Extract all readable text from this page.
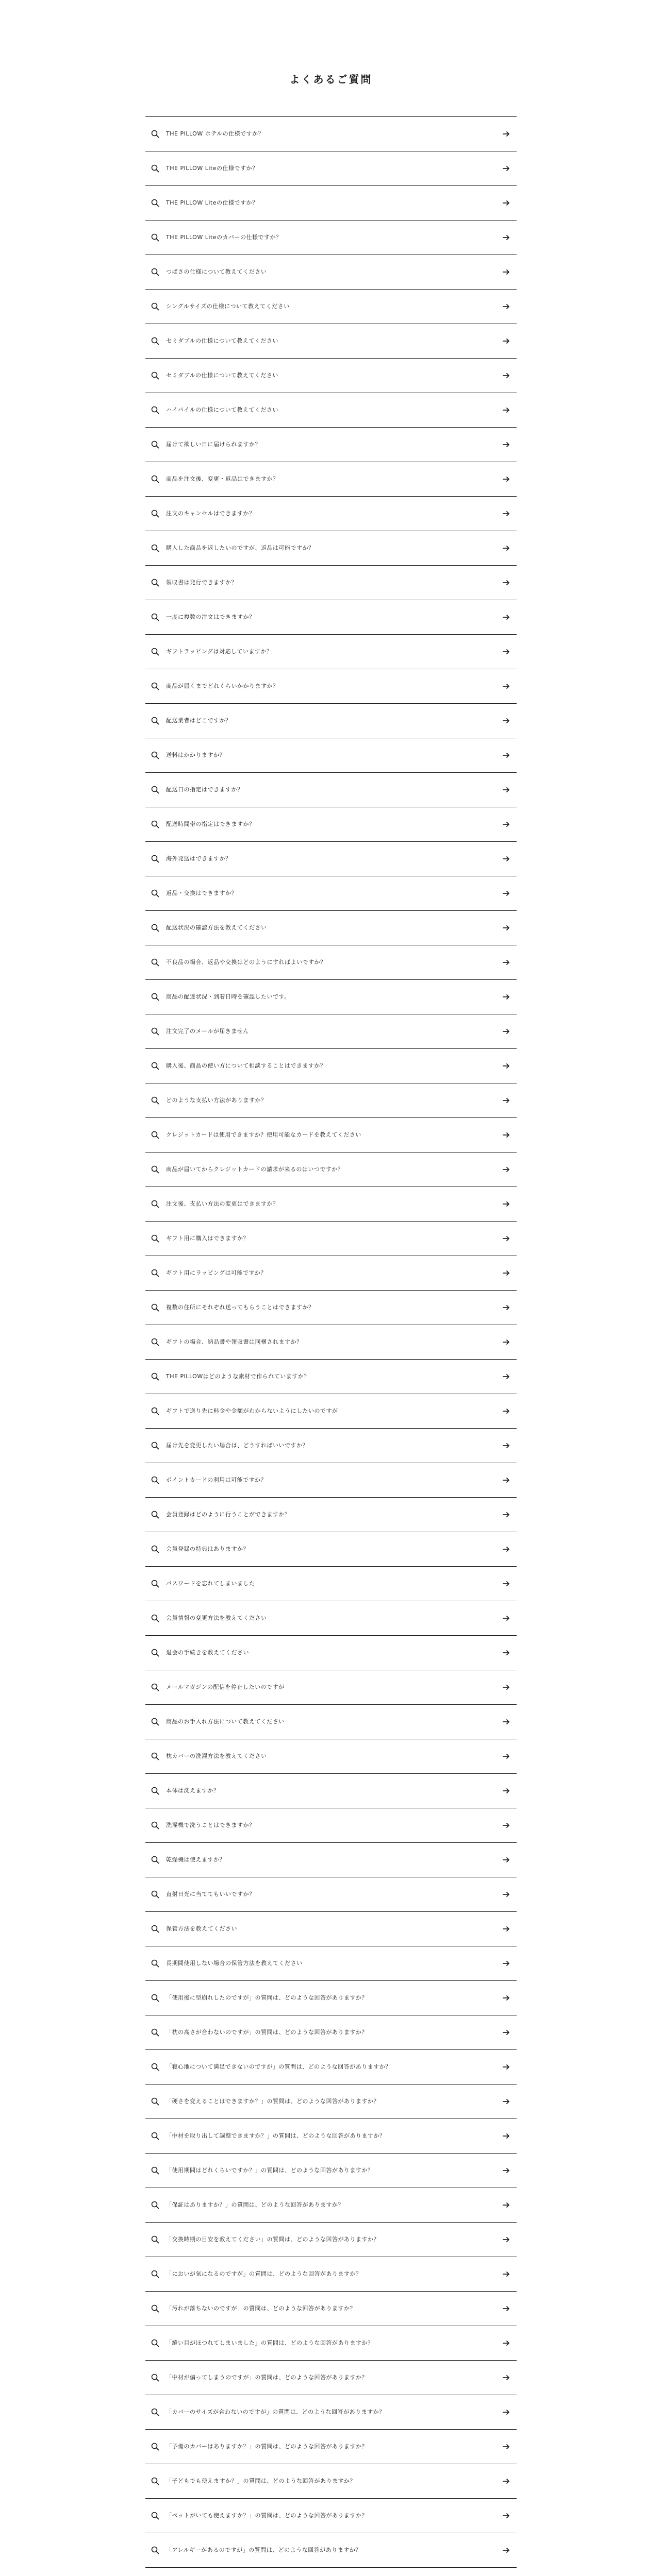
よくあるご質問
THE PILLOW ホテルの仕様ですか？
THE PILLOW Liteの仕様ですか？
THE PILLOW Liteの仕様ですか？
THE PILLOW Liteのカバーの仕様ですか？
つばさの仕様について教えてください
シングルサイズの仕様について教えてください
セミダブルの仕様について教えてください
セミダブルの仕様について教えてください
ハイパイルの仕様について教えてください
届けて欲しい日に届けられますか？
商品を注文後、変更・返品はできますか？
注文のキャンセルはできますか？
購入した商品を返したいのですが、返品は可能ですか？
領収書は発行できますか？
一度に複数の注文はできますか？
ギフトラッピングは対応していますか？
商品が届くまでどれくらいかかりますか？
配送業者はどこですか？
送料はかかりますか？
配送日の指定はできますか？
配送時間帯の指定はできますか？
海外発送はできますか？
返品・交換はできますか？
配送状況の確認方法を教えてください
不良品の場合、返品や交換はどのようにすればよいですか？
商品の配達状況・到着日時を確認したいです。
注文完了のメールが届きません
購入後、商品の使い方について相談することはできますか？
どのような支払い方法がありますか？
クレジットカードは使用できますか？使用可能なカードを教えてください
商品が届いてからクレジットカードの請求が来るのはいつですか？
注文後、支払い方法の変更はできますか？
ギフト用に購入はできますか？
ギフト用にラッピングは可能ですか？
複数の住所にそれぞれ送ってもらうことはできますか？
ギフトの場合、納品書や領収書は同梱されますか？
THE PILLOWはどのような素材で作られていますか？
ギフトで送り先に料金や金額がわからないようにしたいのですが
届け先を変更したい場合は、どうすればいいですか？
ポイントカードの利用は可能ですか？
会員登録はどのように行うことができますか？
会員登録の特典はありますか？
パスワードを忘れてしまいました
会員情報の変更方法を教えてください
退会の手続きを教えてください
メールマガジンの配信を停止したいのですが
商品のお手入れ方法について教えてください
枕カバーの洗濯方法を教えてください
本体は洗えますか？
洗濯機で洗うことはできますか？
乾燥機は使えますか？
直射日光に当ててもいいですか？
保管方法を教えてください
長期間使用しない場合の保管方法を教えてください
「使用後に型崩れしたのですが」の質問は、どのような回答がありますか？
「枕の高さが合わないのですが」の質問は、どのような回答がありますか？
「寝心地について満足できないのですが」の質問は、どのような回答がありますか？
「硬さを変えることはできますか？」の質問は、どのような回答がありますか？
「中材を取り出して調整できますか？」の質問は、どのような回答がありますか？
「使用期間はどれくらいですか？」の質問は、どのような回答がありますか？
「保証はありますか？」の質問は、どのような回答がありますか？
「交換時期の目安を教えてください」の質問は、どのような回答がありますか？
「においが気になるのですが」の質問は、どのような回答がありますか？
「汚れが落ちないのですが」の質問は、どのような回答がありますか？
「縫い目がほつれてしまいました」の質問は、どのような回答がありますか？
「中材が偏ってしまうのですが」の質問は、どのような回答がありますか？
「カバーのサイズが合わないのですが」の質問は、どのような回答がありますか？
「予備のカバーはありますか？」の質問は、どのような回答がありますか？
「子どもでも使えますか？」の質問は、どのような回答がありますか？
「ペットがいても使えますか？」の質問は、どのような回答がありますか？
「アレルギーがあるのですが」の質問は、どのような回答がありますか？
